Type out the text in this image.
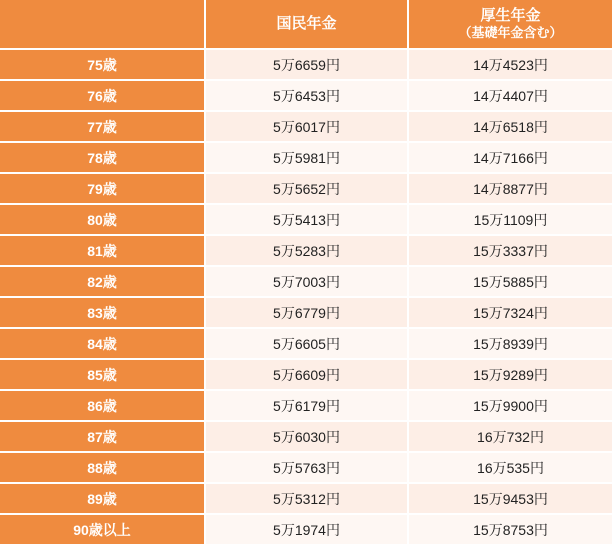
	国民年金	厚生年金
（基礎年金含む）

75歳	5万6659円	14万4523円
76歳	5万6453円	14万4407円
77歳	5万6017円	14万6518円
78歳	5万5981円	14万7166円
79歳	5万5652円	14万8877円
80歳	5万5413円	15万1109円
81歳	5万5283円	15万3337円
82歳	5万7003円	15万5885円
83歳	5万6779円	15万7324円
84歳	5万6605円	15万8939円
85歳	5万6609円	15万9289円
86歳	5万6179円	15万9900円
87歳	5万6030円	16万732円
88歳	5万5763円	16万535円
89歳	5万5312円	15万9453円
90歳以上	5万1974円	15万8753円
